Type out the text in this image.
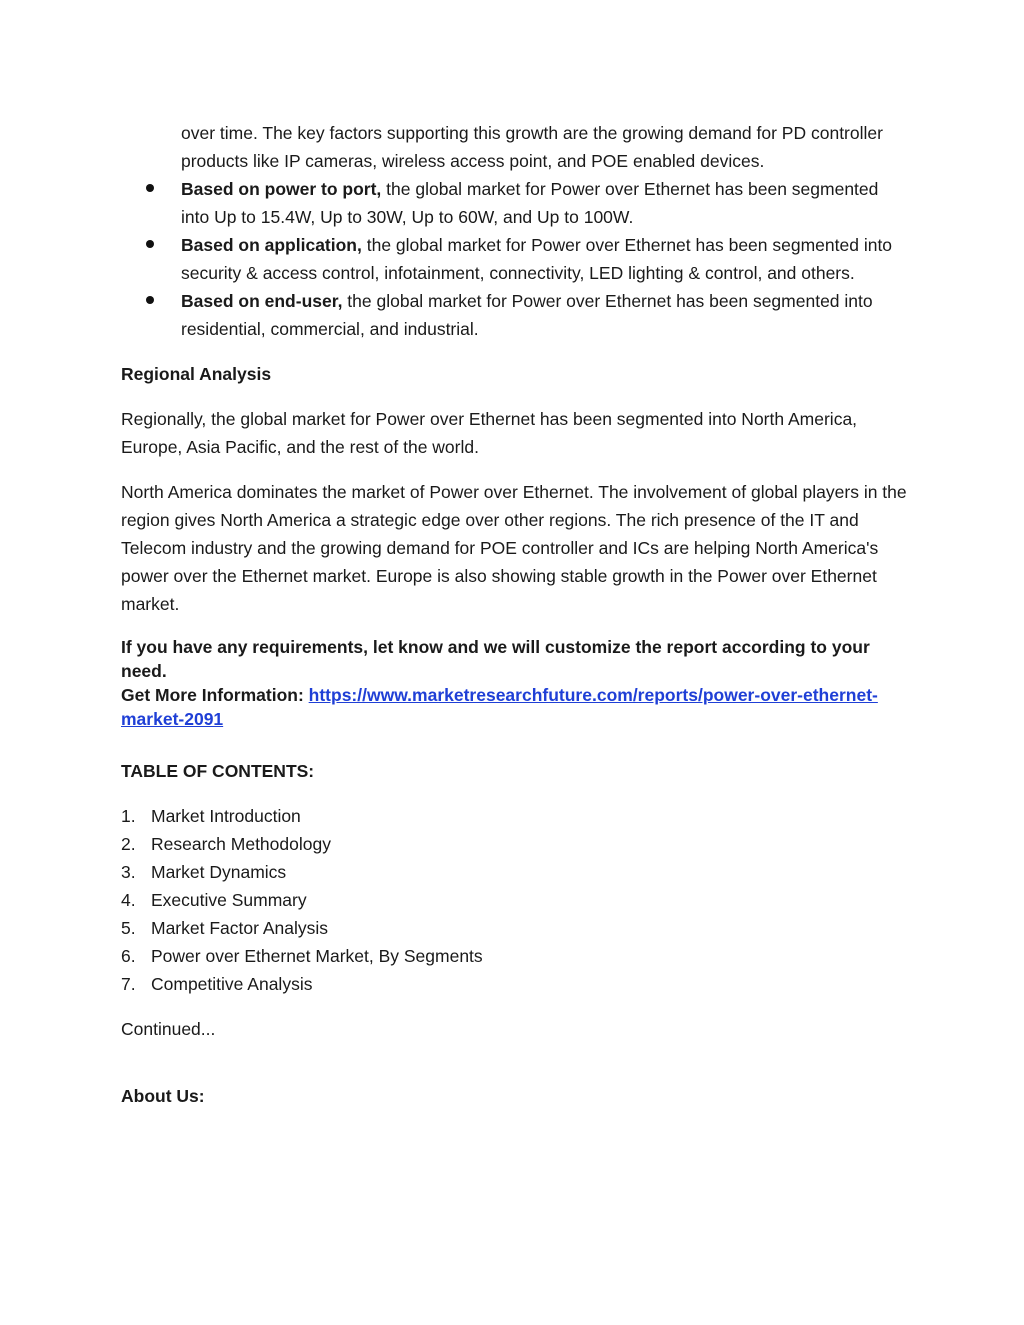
over time. The key factors supporting this growth are the growing demand for PD controller products like IP cameras, wireless access point, and POE enabled devices.
Based on power to port, the global market for Power over Ethernet has been segmented into Up to 15.4W, Up to 30W, Up to 60W, and Up to 100W.
Based on application, the global market for Power over Ethernet has been segmented into security & access control, infotainment, connectivity, LED lighting & control, and others.
Based on end-user, the global market for Power over Ethernet has been segmented into residential, commercial, and industrial.
Regional Analysis

Regionally, the global market for Power over Ethernet has been segmented into North America, Europe, Asia Pacific, and the rest of the world.

North America dominates the market of Power over Ethernet. The involvement of global players in the region gives North America a strategic edge over other regions. The rich presence of the IT and Telecom industry and the growing demand for POE controller and ICs are helping North America's power over the Ethernet market. Europe is also showing stable growth in the Power over Ethernet market.

If you have any requirements, let know and we will customize the report according to your need.
Get More Information: https://www.marketresearchfuture.com/reports/power-over-ethernet-market-2091
TABLE OF CONTENTS:
1. Market Introduction
2. Research Methodology
3. Market Dynamics
4. Executive Summary
5. Market Factor Analysis
6. Power over Ethernet Market, By Segments
7. Competitive Analysis
Continued...
About Us:
